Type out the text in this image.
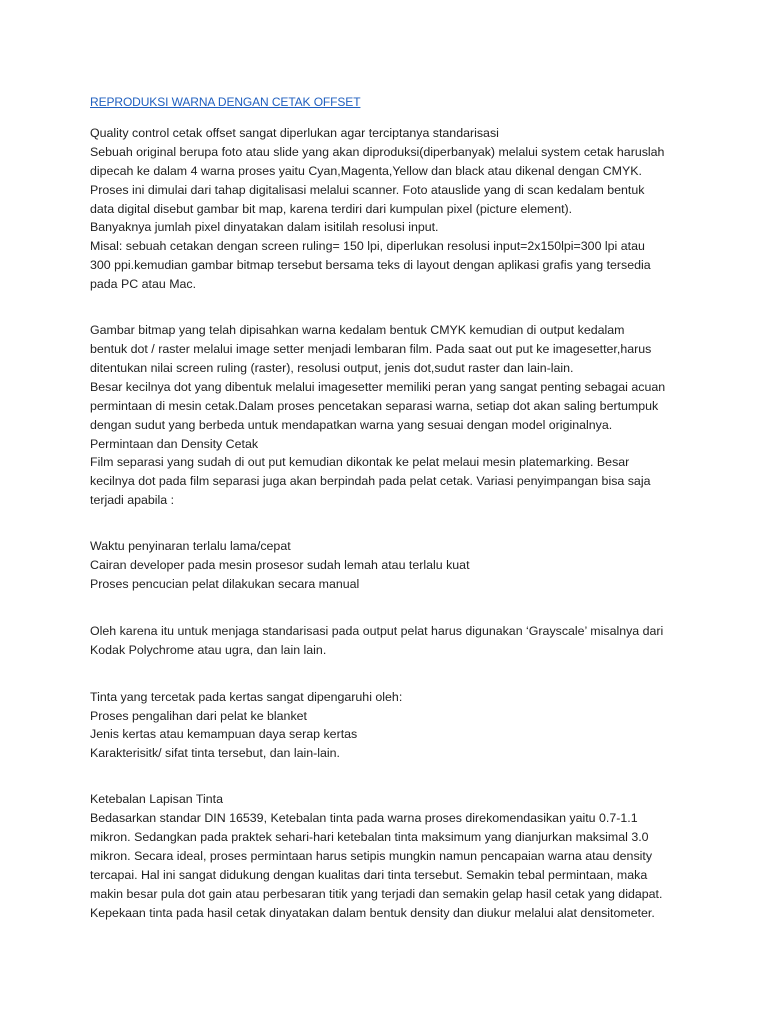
REPRODUKSI WARNA DENGAN CETAK OFFSET
Quality control cetak offset sangat diperlukan agar terciptanya standarisasi
Sebuah original berupa foto atau slide yang akan diproduksi(diperbanyak) melalui system cetak haruslah
dipecah ke dalam 4 warna proses yaitu Cyan,Magenta,Yellow dan black atau dikenal dengan CMYK.
Proses ini dimulai dari tahap digitalisasi melalui scanner. Foto atauslide yang di scan kedalam bentuk
data digital disebut gambar bit map, karena terdiri dari kumpulan pixel (picture element).
Banyaknya jumlah pixel dinyatakan dalam isitilah resolusi input.
Misal: sebuah cetakan dengan screen ruling= 150 lpi, diperlukan resolusi input=2x150lpi=300 lpi atau
300 ppi.kemudian gambar bitmap tersebut bersama teks di layout dengan aplikasi grafis yang tersedia
pada PC atau Mac.
Gambar bitmap yang telah dipisahkan warna kedalam bentuk CMYK kemudian di output kedalam
bentuk dot / raster melalui image setter menjadi lembaran film. Pada saat out put ke imagesetter,harus
ditentukan nilai screen ruling (raster), resolusi output, jenis dot,sudut raster dan lain-lain.
Besar kecilnya dot yang dibentuk melalui imagesetter memiliki peran yang sangat penting sebagai acuan
permintaan di mesin cetak.Dalam proses pencetakan separasi warna, setiap dot akan saling bertumpuk
dengan sudut yang berbeda untuk mendapatkan warna yang sesuai dengan model originalnya.
Permintaan dan Density Cetak
Film separasi yang sudah di out put kemudian dikontak ke pelat melaui mesin platemarking. Besar
kecilnya dot pada film separasi juga akan berpindah pada pelat cetak. Variasi penyimpangan bisa saja
terjadi apabila :
Waktu penyinaran terlalu lama/cepat
Cairan developer pada mesin prosesor sudah lemah atau terlalu kuat
Proses pencucian pelat dilakukan secara manual
Oleh karena itu untuk menjaga standarisasi pada output pelat harus digunakan ‘Grayscale’ misalnya dari
Kodak Polychrome atau ugra, dan lain lain.
Tinta yang tercetak pada kertas sangat dipengaruhi oleh:
Proses pengalihan dari pelat ke blanket
Jenis kertas atau kemampuan daya serap kertas
Karakterisitk/ sifat tinta tersebut, dan lain-lain.
Ketebalan Lapisan Tinta
Bedasarkan standar DIN 16539, Ketebalan tinta pada warna proses direkomendasikan yaitu 0.7-1.1
mikron. Sedangkan pada praktek sehari-hari ketebalan tinta maksimum yang dianjurkan maksimal 3.0
mikron. Secara ideal, proses permintaan harus setipis mungkin namun pencapaian warna atau density
tercapai. Hal ini sangat didukung dengan kualitas dari tinta tersebut. Semakin tebal permintaan, maka
makin besar pula dot gain atau perbesaran titik yang terjadi dan semakin gelap hasil cetak yang didapat.
Kepekaan tinta pada hasil cetak dinyatakan dalam bentuk density dan diukur melalui alat densitometer.
